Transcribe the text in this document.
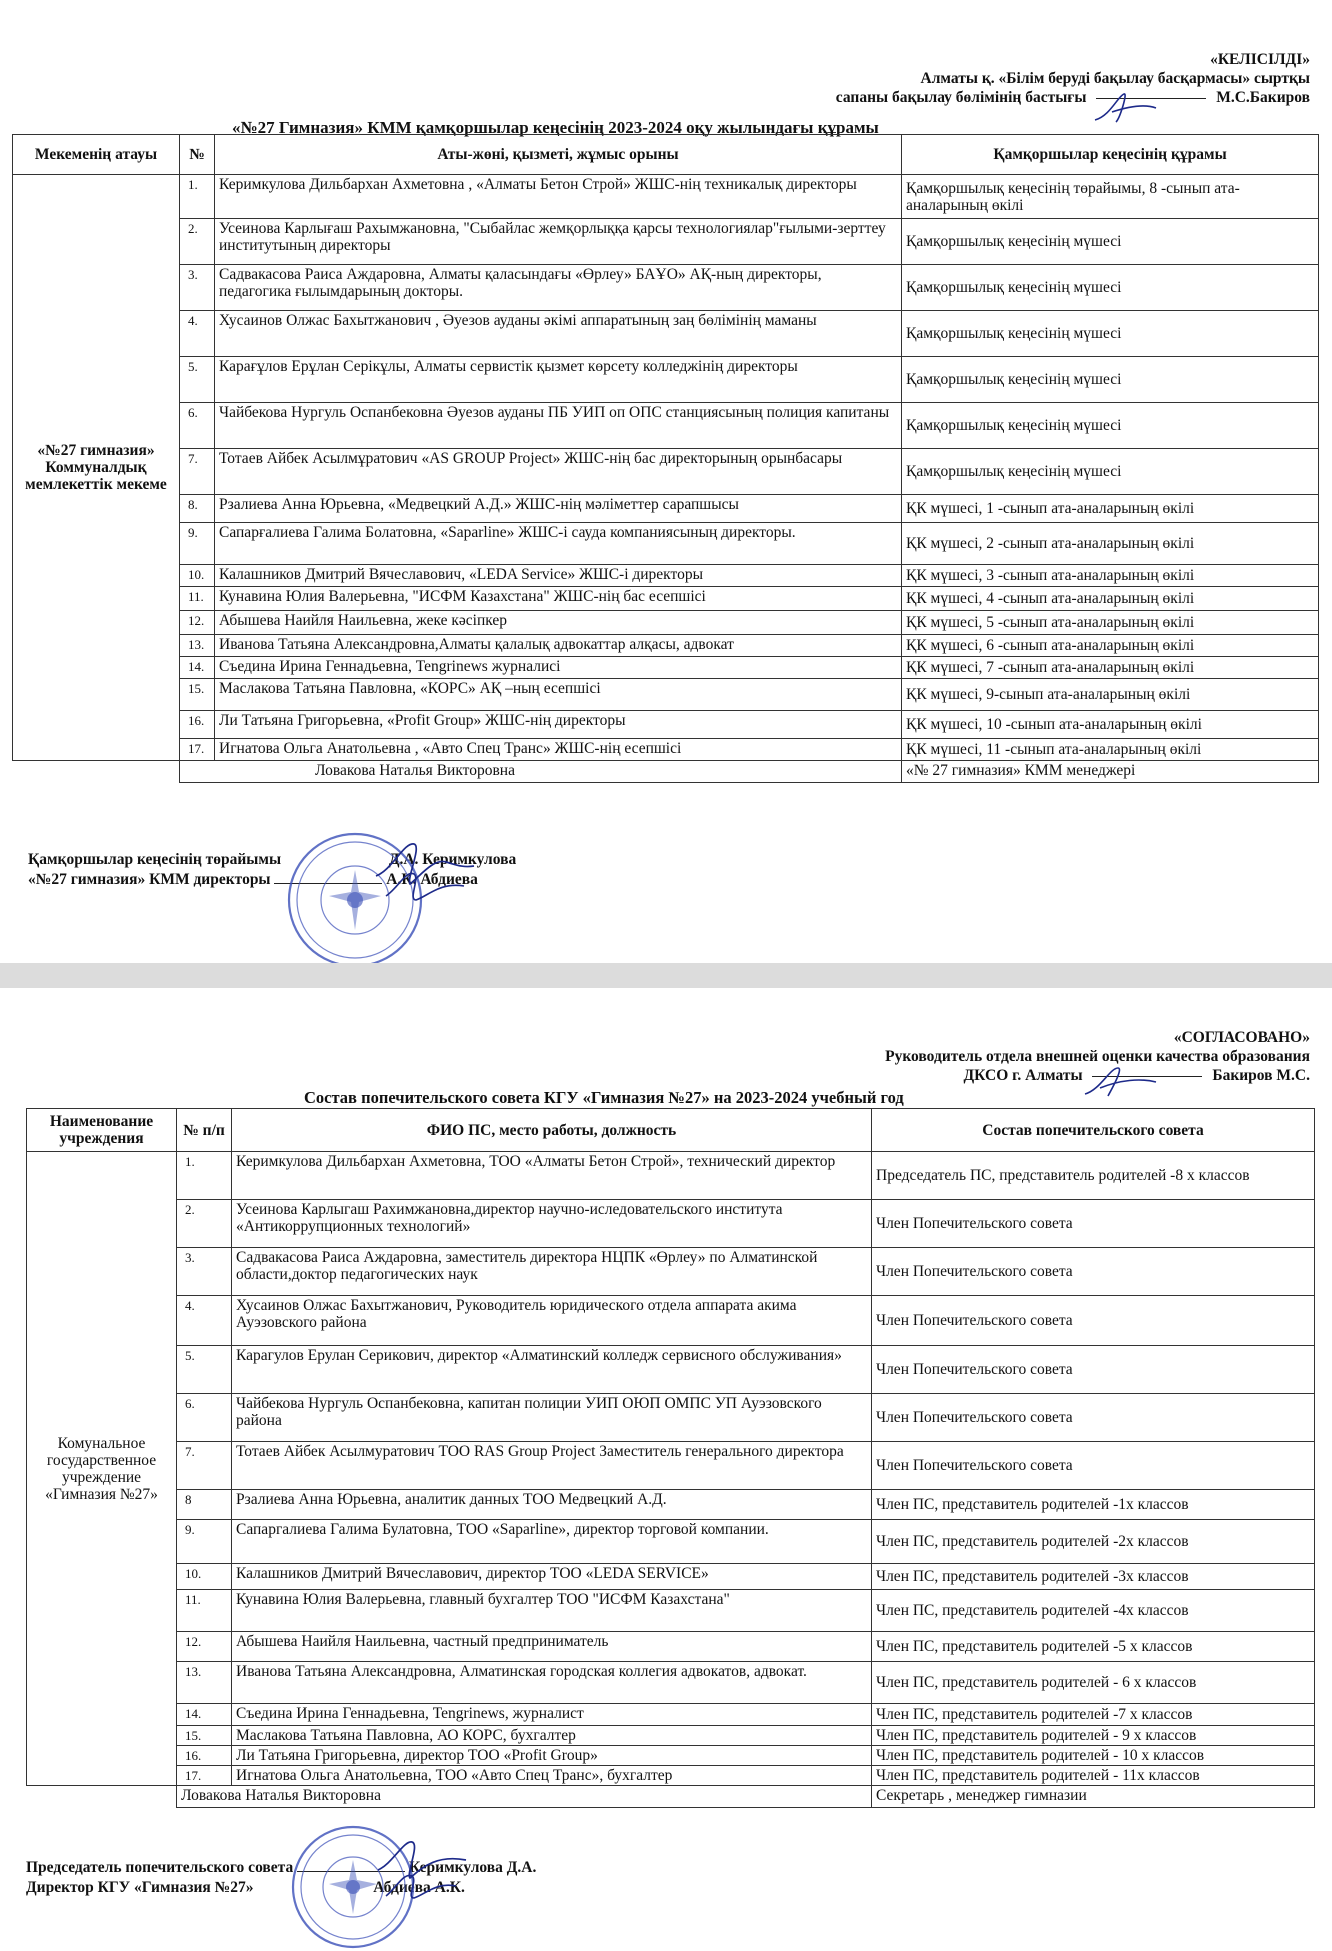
«КЕЛІСІЛДІ»
Алматы қ. «Білім беруді бақылау басқармасы» сыртқы
сапаны бақылау бөлімінің бастығы	М.С.Бакиров
«№27 Гимназия» КММ қамқоршылар кеңесінің 2023-2024 оқу жылындағы құрамы
Мекеменің атауы	№	Аты-жөні, қызметі, жұмыс орыны	Қамқоршылар кеңесінің құрамы
«№27 гимназия» Коммуналдық мемлекеттік мекеме	1.	Керимкулова Дильбархан Ахметовна , «Алматы Бетон Строй» ЖШС-нің техникалық директоры	Қамқоршылық кеңесінің төрайымы, 8 -сынып ата-аналарының өкілі
	2.	Усеинова Карлығаш Рахымжановна, "Сыбайлас жемқорлыққа қарсы технологиялар"ғылыми-зерттеу институтының директоры	Қамқоршылық кеңесінің мүшесі
	3.	Садвакасова Раиса Аждаровна, Алматы қаласындағы «Өрлеу» БАҰО» АҚ-ның директоры, педагогика ғылымдарының докторы.	Қамқоршылық кеңесінің мүшесі
	4.	Хусаинов Олжас Бахытжанович , Әуезов ауданы әкімі аппаратының заң бөлімінің маманы	Қамқоршылық кеңесінің мүшесі
	5.	Карағұлов Ерұлан Серікұлы, Алматы сервистік қызмет көрсету колледжінің директоры	Қамқоршылық кеңесінің мүшесі
	6.	Чайбекова Нургуль Оспанбековна Әуезов ауданы ПБ УИП оп ОПС станциясының полиция капитаны	Қамқоршылық кеңесінің мүшесі
	7.	Тотаев Айбек Асылмұратович «AS GROUP Project» ЖШС-нің бас директорының орынбасары	Қамқоршылық кеңесінің мүшесі
	8.	Рзалиева Анна Юрьевна, «Медвецкий А.Д.» ЖШС-нің мәліметтер сарапшысы	ҚК мүшесі, 1 -сынып ата-аналарының өкілі
	9.	Сапарғалиева Галима Болатовна, «Saparline» ЖШС-і сауда компаниясының директоры.	ҚК мүшесі, 2 -сынып ата-аналарының өкілі
	10.	Калашников Дмитрий Вячеславович, «LEDA Service» ЖШС-і директоры	ҚК мүшесі, 3 -сынып ата-аналарының өкілі
	11.	Кунавина Юлия Валерьевна, "ИСФМ Казахстана" ЖШС-нің бас есепшісі	ҚК мүшесі, 4 -сынып ата-аналарының өкілі
	12.	Абышева Наийля Наильевна, жеке кәсіпкер	ҚК мүшесі, 5 -сынып ата-аналарының өкілі
	13.	Иванова Татьяна Александровна,Алматы қалалық адвокаттар алқасы, адвокат	ҚК мүшесі, 6 -сынып ата-аналарының өкілі
	14.	Съедина Ирина Геннадьевна, Tengrinews журналисі	ҚК мүшесі, 7 -сынып ата-аналарының өкілі
	15.	Маслакова Татьяна Павловна, «КОРС» АҚ –ның есепшісі	ҚК мүшесі, 9-сынып ата-аналарының өкілі
	16.	Ли Татьяна Григорьевна, «Profit Group» ЖШС-нің директоры	ҚК мүшесі, 10 -сынып ата-аналарының өкілі
	17.	Игнатова Ольга Анатольевна , «Авто Спец Транс» ЖШС-нің есепшісі	ҚК мүшесі, 11 -сынып ата-аналарының өкілі
	Ловакова Наталья Викторовна		«№ 27 гимназия» КММ менеджері
Қамқоршылар кеңесінің төрайымы	Д.А. Керимкулова
«№27 гимназия» КММ директоры	А.К. Абдиева
«СОГЛАСОВАНО»
Руководитель отдела внешней оценки качества образования
ДКСО г. Алматы	Бакиров М.С.
Состав попечительского совета КГУ «Гимназия №27» на 2023-2024 учебный год
Наименование учреждения	№ п/п	ФИО ПС, место работы, должность	Состав попечительского совета
Комунальное государственное учреждение «Гимназия №27»	1.	Керимкулова Дильбархан Ахметовна, ТОО «Алматы Бетон Строй», технический директор	Председатель ПС, представитель родителей -8 х классов
	2.	Усеинова Карлыгаш Рахимжановна,директор научно-иследовательского института «Антикоррупционных технологий»	Член Попечительского совета
	3.	Садвакасова Раиса Аждаровна, заместитель директора НЦПК «Өрлеу» по Алматинской области,доктор педагогических наук	Член Попечительского совета
	4.	Хусаинов Олжас Бахытжанович, Руководитель юридического отдела аппарата акима Ауэзовского района	Член Попечительского совета
	5.	Карагулов Ерулан Серикович, директор «Алматинский колледж сервисного обслуживания»	Член Попечительского совета
	6.	Чайбекова Нургуль Оспанбековна, капитан полиции УИП ОЮП ОМПС УП Ауэзовского района	Член Попечительского совета
	7.	Тотаев Айбек Асылмуратович ТОО RAS Group Project Заместитель генерального директора	Член Попечительского совета
	8	Рзалиева Анна Юрьевна, аналитик данных ТОО Медвецкий А.Д.	Член ПС, представитель родителей -1х классов
	9.	Сапаргалиева Галима Булатовна, ТОО «Saparline», директор торговой компании.	Член ПС, представитель родителей -2х классов
	10.	Калашников Дмитрий Вячеславович, директор ТОО «LEDA SERVICE»	Член ПС, представитель родителей -3х классов
	11.	Кунавина Юлия Валерьевна, главный бухгалтер ТОО "ИСФМ Казахстана"	Член ПС, представитель родителей -4х классов
	12.	Абышева Наийля Наильевна, частный предприниматель	Член ПС, представитель родителей -5 х классов
	13.	Иванова Татьяна Александровна, Алматинская городская коллегия адвокатов, адвокат.	Член ПС, представитель родителей - 6 х классов
	14.	Съедина Ирина Геннадьевна, Tengrinews, журналист	Член ПС, представитель родителей -7 х классов
	15.	Маслакова Татьяна Павловна, АО КОРС, бухгалтер	Член ПС, представитель родителей - 9 х классов
	16.	Ли Татьяна Григорьевна, директор ТОО «Profit Group»	Член ПС, представитель родителей - 10 х классов
	17.	Игнатова Ольга Анатольевна, ТОО «Авто Спец Транс», бухгалтер	Член ПС, представитель родителей - 11х классов
	Ловакова Наталья Викторовна		Секретарь , менеджер гимназии
Председатель попечительского совета	Керимкулова Д.А.
Директор КГУ «Гимназия №27»	Абдиева А.К.
